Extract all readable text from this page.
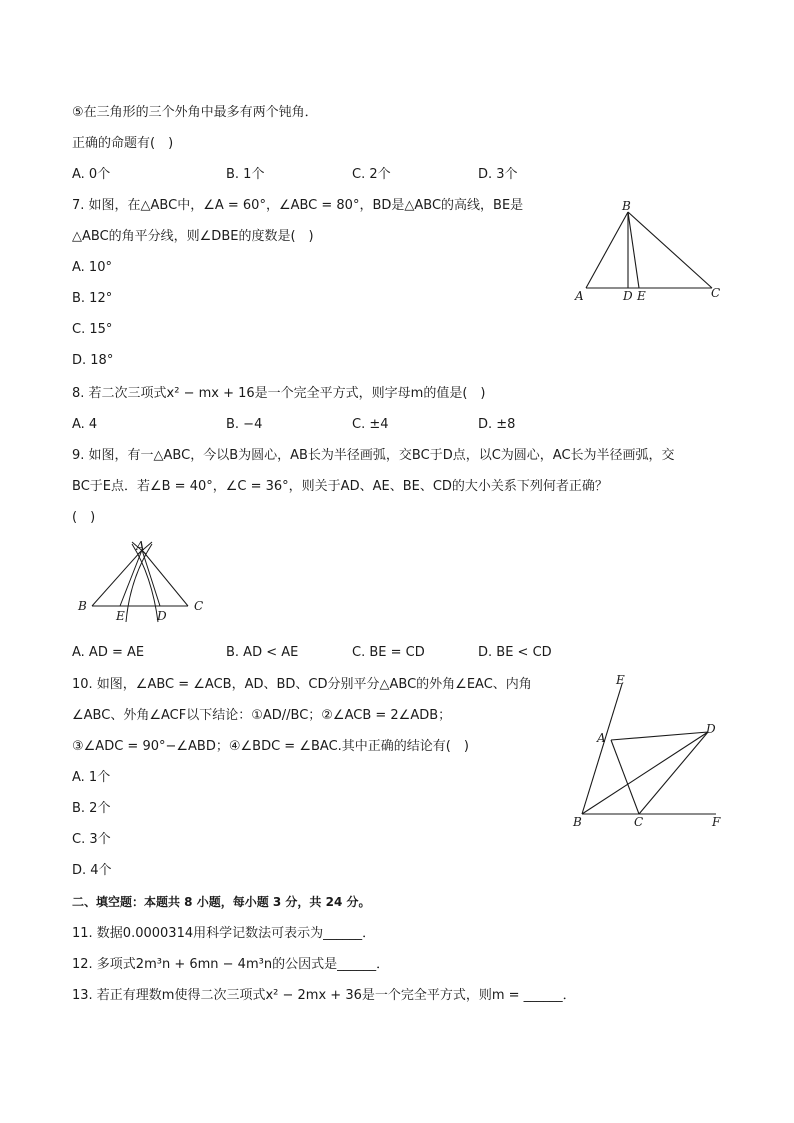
⑤在三角形的三个外角中最多有两个钝角．
正确的命题有(　)
A. 0个	B. 1个	C. 2个	D. 3个
7. 如图，在△ABC中，∠A = 60°，∠ABC = 80°，BD是△ABC的高线，BE是
△ABC的角平分线，则∠DBE的度数是(　)
A. 10°
B. 12°
C. 15°
D. 18°
B
A	D E	C
8. 若二次三项式x² − mx + 16是一个完全平方式，则字母m的值是(　)
A. 4	B. −4	C. ±4	D. ±8
9. 如图，有一△ABC，今以B为圆心，AB长为半径画弧，交BC于D点，以C为圆心，AC长为半径画弧，交
BC于E点．若∠B = 40°，∠C = 36°，则关于AD、AE、BE、CD的大小关系下列何者正确？
(　)
A
B
E	D
C
A. AD = AE	B. AD < AE	C. BE = CD	D. BE < CD
10. 如图，∠ABC = ∠ACB，AD、BD、CD分别平分△ABC的外角∠EAC、内角
∠ABC、外角∠ACF以下结论：①AD//BC；②∠ACB = 2∠ADB；
③∠ADC = 90°−∠ABD；④∠BDC = ∠BAC.其中正确的结论有(　)
A. 1个
B. 2个
C. 3个
D. 4个
E
A
D
B	C	F
二、填空题：本题共 8 小题，每小题 3 分，共 24 分。
11. 数据0.0000314用科学记数法可表示为______．
12. 多项式2m³n + 6mn − 4m³n的公因式是______．
13. 若正有理数m使得二次三项式x² − 2mx + 36是一个完全平方式，则m = ______．
